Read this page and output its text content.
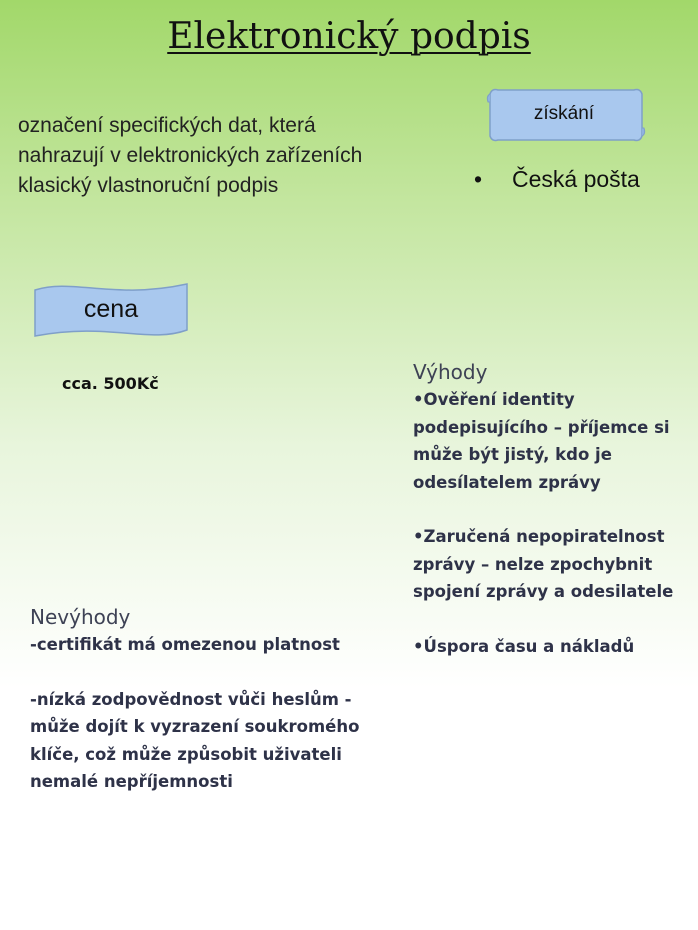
Elektronický podpis
označení specifických dat, která nahrazují v elektronických zařízeních klasický vlastnoruční podpis
získání
• Česká pošta
cena
cca. 500Kč	Výhody
•Ověření identity podepisujícího – příjemce si může být jistý, kdo je odesílatelem zprávy
•Zaručená nepopiratelnost zprávy – nelze zpochybnit spojení zprávy a odesilatele
•Úspora času a nákladů
Nevýhody
-certifikát má omezenou platnost
-nízká zodpovědnost vůči heslům - může dojít k vyzrazení soukromého klíče, což může způsobit uživateli nemalé nepříjemnosti
